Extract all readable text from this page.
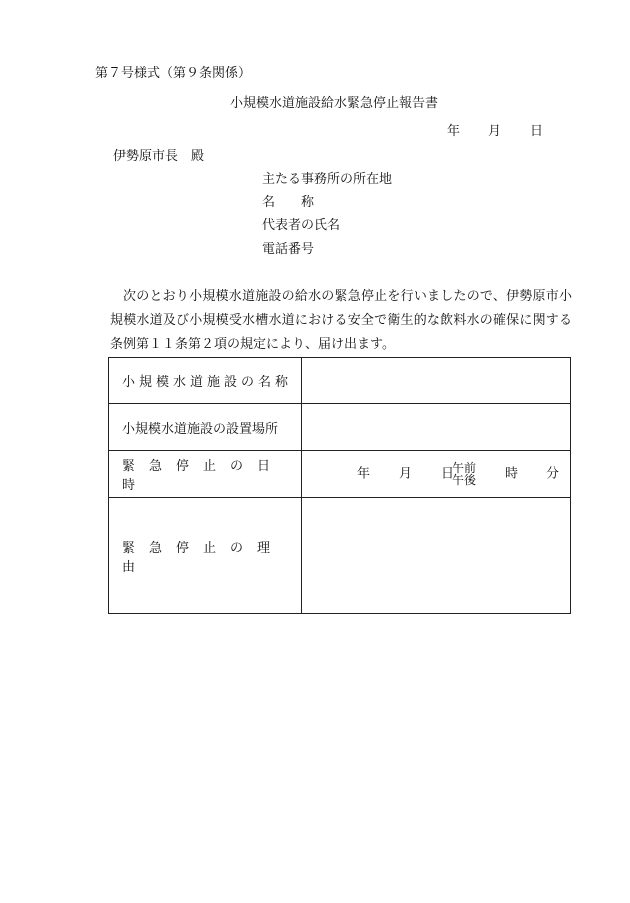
第７号様式（第９条関係）
小規模水道施設給水緊急停止報告書
年 月 日
伊勢原市長　殿
主たる事務所の所在地
名　　称
代表者の氏名
電話番号
次のとおり小規模水道施設の給水の緊急停止を行いましたので、伊勢原市小規模水道及び小規模受水槽水道における安全で衛生的な飲料水の確保に関する条例第１１条第２項の規定により、届け出ます。
小規模水道施設の名称
小規模水道施設の設置場所
緊急停止の日時
年 月 日
午前
午後 時 分
緊急停止の理由
